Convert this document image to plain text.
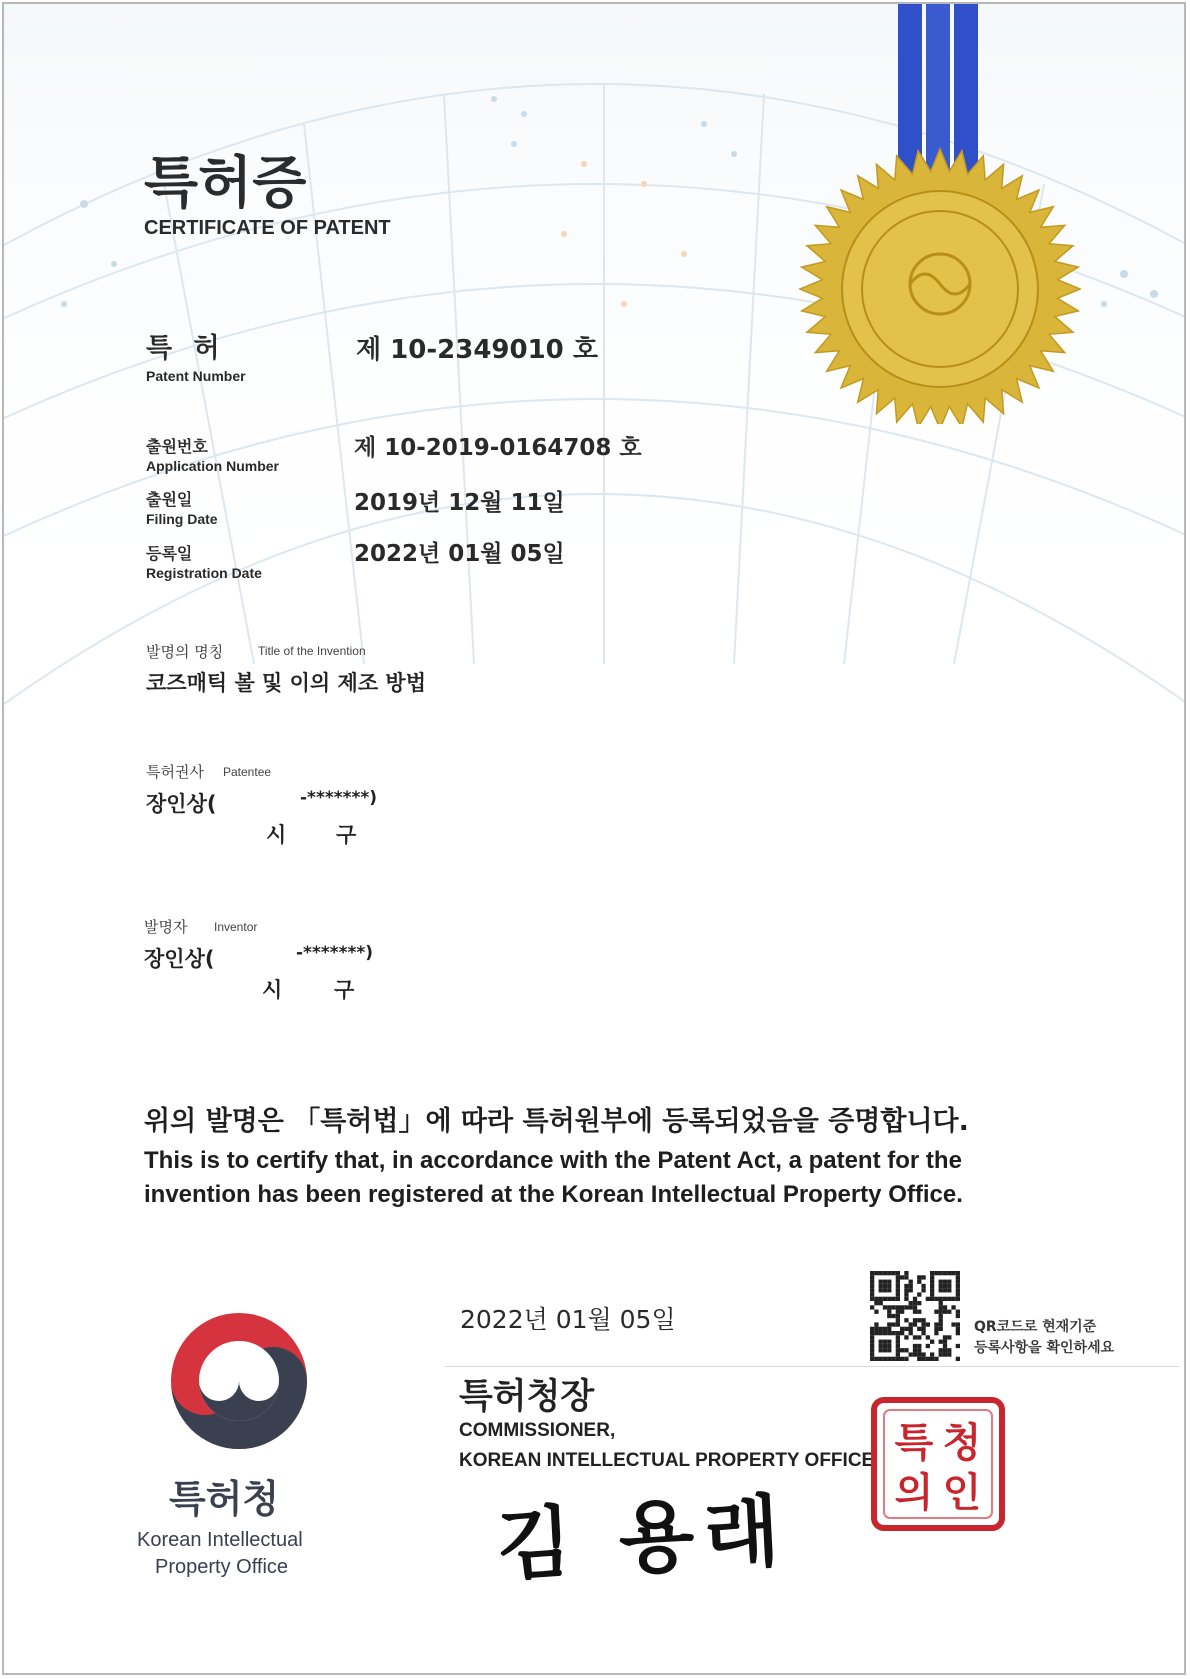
특허증
CERTIFICATE OF PATENT
특 허
Patent Number
제 10-2349010 호
출원번호
Application Number
제 10-2019-0164708 호
출원일
Filing Date
2019년 12월 11일
등록일
Registration Date
2022년 01월 05일
발명의 명칭	Title of the Invention
코즈매틱 볼 및 이의 제조 방법
특허권사 Patentee
장인상(	-*******)
시 구
발명자 Inventor
장인상(	-*******)
시 구
위의 발명은 「특허법」에 따라 특허원부에 등록되었음을 증명합니다.
This is to certify that, in accordance with the Patent Act, a patent for the
invention has been registered at the Korean Intellectual Property Office.
2022년 01월 05일	QR코드로 현재기준
등록사항을 확인하세요
특허청장
COMMISSIONER,
KOREAN INTELLECTUAL PROPERTY OFFICE
김 용래
특 청
의 인
특허청
Korean Intellectual
Property Office
